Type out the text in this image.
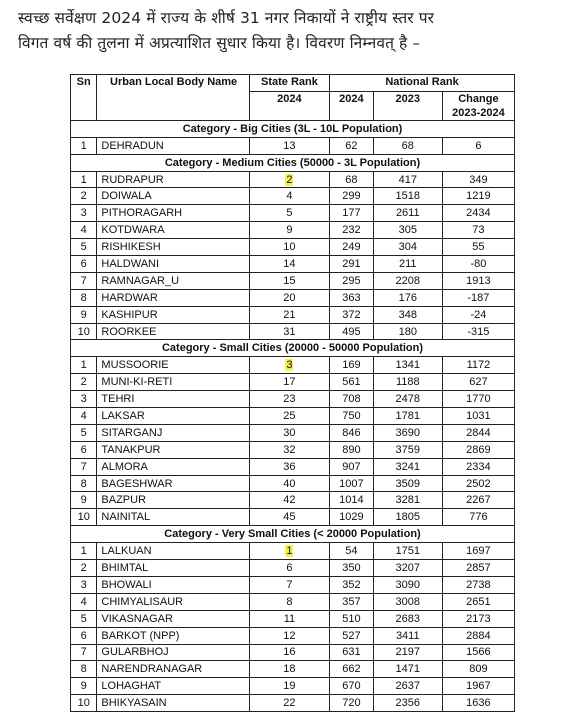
स्वच्छ सर्वेक्षण 2024 में राज्य के शीर्ष 31 नगर निकायों ने राष्ट्रीय स्तर पर
विगत वर्ष की तुलना में अप्रत्याशित सुधार किया है। विवरण निम्नवत् है –
Sn	Urban Local Body Name	State Rank	National Rank		
		2024	2024	2023	Change 2023-2024
Category - Big Cities (3L - 10L Population)					
1	DEHRADUN	13	62	68	6
Category - Medium Cities (50000 - 3L Population)					
1	RUDRAPUR	2	68	417	349
2	DOIWALA	4	299	1518	1219
3	PITHORAGARH	5	177	2611	2434
4	KOTDWARA	9	232	305	73
5	RISHIKESH	10	249	304	55
6	HALDWANI	14	291	211	-80
7	RAMNAGAR_U	15	295	2208	1913
8	HARDWAR	20	363	176	-187
9	KASHIPUR	21	372	348	-24
10	ROORKEE	31	495	180	-315
Category - Small Cities (20000 - 50000 Population)					
1	MUSSOORIE	3	169	1341	1172
2	MUNI-KI-RETI	17	561	1188	627
3	TEHRI	23	708	2478	1770
4	LAKSAR	25	750	1781	1031
5	SITARGANJ	30	846	3690	2844
6	TANAKPUR	32	890	3759	2869
7	ALMORA	36	907	3241	2334
8	BAGESHWAR	40	1007	3509	2502
9	BAZPUR	42	1014	3281	2267
10	NAINITAL	45	1029	1805	776
Category - Very Small Cities (< 20000 Population)					
1	LALKUAN	1	54	1751	1697
2	BHIMTAL	6	350	3207	2857
3	BHOWALI	7	352	3090	2738
4	CHIMYALISAUR	8	357	3008	2651
5	VIKASNAGAR	11	510	2683	2173
6	BARKOT (NPP)	12	527	3411	2884
7	GULARBHOJ	16	631	2197	1566
8	NARENDRANAGAR	18	662	1471	809
9	LOHAGHAT	19	670	2637	1967
10	BHIKYASAIN	22	720	2356	1636
